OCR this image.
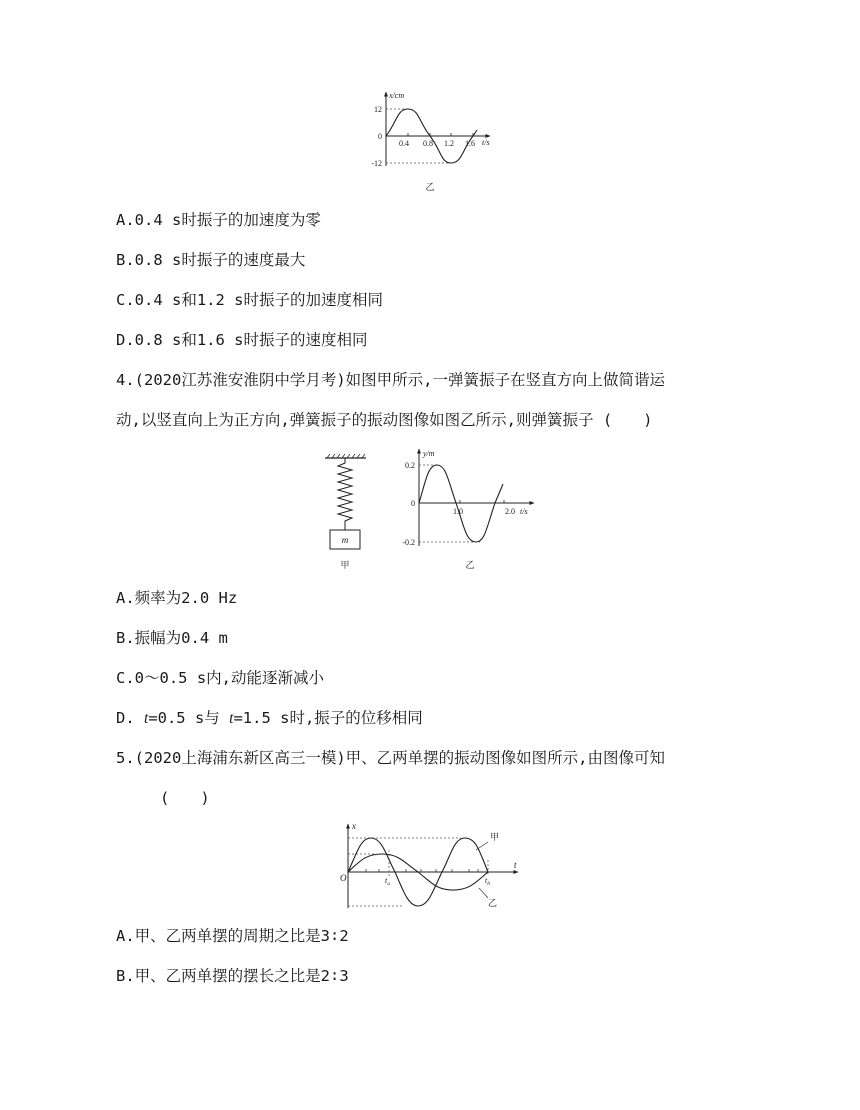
x/cm
t/s
12
0
-12
0.4 0.8 1.2 1.6
乙
A.0.4 s时振子的加速度为零
B.0.8 s时振子的速度最大
C.0.4 s和1.2 s时振子的加速度相同
D.0.8 s和1.6 s时振子的速度相同
4.(2020江苏淮安淮阴中学月考)如图甲所示,一弹簧振子在竖直方向上做简谐运
动,以竖直向上为正方向,弹簧振子的振动图像如图乙所示,则弹簧振子 (　　)
m
甲
y/m
t/s
0.2
0
-0.2
1.0	2.0
乙
A.频率为2.0 Hz
B.振幅为0.4 m
C.0～0.5 s内,动能逐渐减小
D. t=0.5 s与 t=1.5 s时,振子的位移相同
5.(2020上海浦东新区高三一模)甲、乙两单摆的振动图像如图所示,由图像可知
(　　)
x
t
O
甲
乙
$t_a$	$t_b$
A.甲、乙两单摆的周期之比是3∶2
B.甲、乙两单摆的摆长之比是2∶3
